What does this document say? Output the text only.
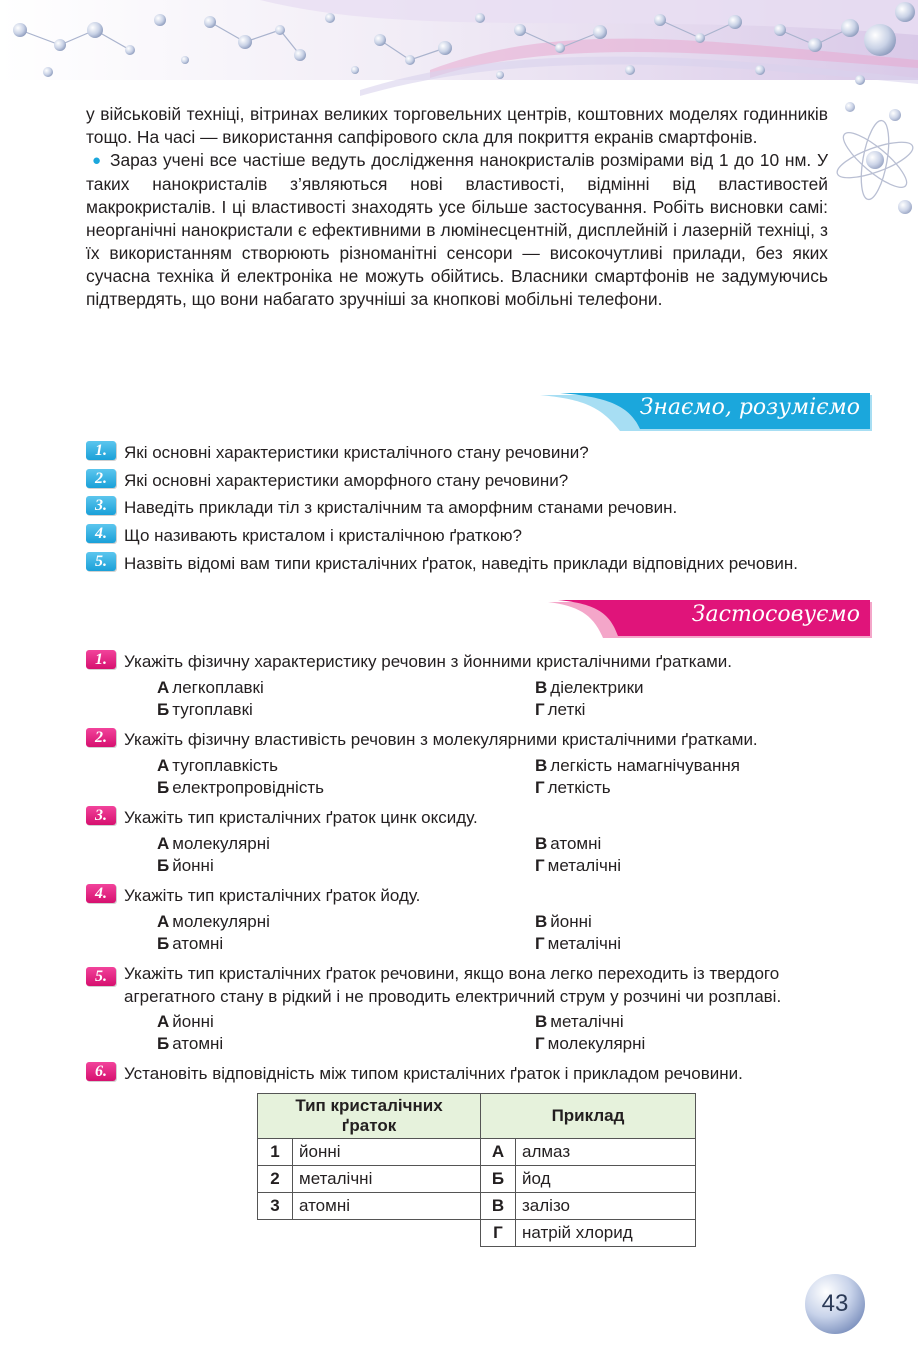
у військовій техніці, вітринах великих торговельних центрів, коштовних моделях годинників тощо. На часі — використання сапфірового скла для покриття екранів смартфонів.

● Зараз учені все частіше ведуть дослідження нанокристалів розмірами від 1 до 10 нм. У таких нанокристалів з’являються нові властивості, відмінні від властивостей макрокристалів. І ці властивості знаходять усе більше застосування. Робіть висновки самі: неорганічні нанокристали є ефективними в люмінесцентній, дисплейній і лазерній техніці, з їх використанням створюють різноманітні сенсори — високочутливі прилади, без яких сучасна техніка й електроніка не можуть обійтись. Власники смартфонів не задумуючись підтвердять, що вони набагато зручніші за кнопкові мобільні телефони.

Знаємо, розуміємо
1.	Які основні характеристики кристалічного стану речовини?
2.	Які основні характеристики аморфного стану речовини?
3.	Наведіть приклади тіл з кристалічним та аморфним станами речовин.
4.	Що називають кристалом і кристалічною ґраткою?
5.	Назвіть відомі вам типи кристалічних ґраток, наведіть приклади відповідних речовин.
Застосовуємо
1.	Укажіть фізичну характеристику речовин з йонними кристалічними ґратками.
А легкоплавкі
Б тугоплавкі
В діелектрики
Г леткі
2.	Укажіть фізичну властивість речовин з молекулярними кристалічними ґратками.
А тугоплавкість
Б електропровідність
В легкість намагнічування
Г леткість
3.	Укажіть тип кристалічних ґраток цинк оксиду.
А молекулярні
Б йонні
В атомні
Г металічні
4.	Укажіть тип кристалічних ґраток йоду.
А молекулярні
Б атомні
В йонні
Г металічні
5.	Укажіть тип кристалічних ґраток речовини, якщо вона легко переходить із твердого
агрегатного стану в рідкий і не проводить електричний струм у розчині чи розплаві.
А йонні
Б атомні
В металічні
Г молекулярні
6.	Установіть відповідність між типом кристалічних ґраток і прикладом речовини.
Тип кристалічних
ґраток		Приклад	
1	йонні	А	алмаз
2	металічні	Б	йод
3	атомні	В	залізо
		Г	натрій хлорид
43
